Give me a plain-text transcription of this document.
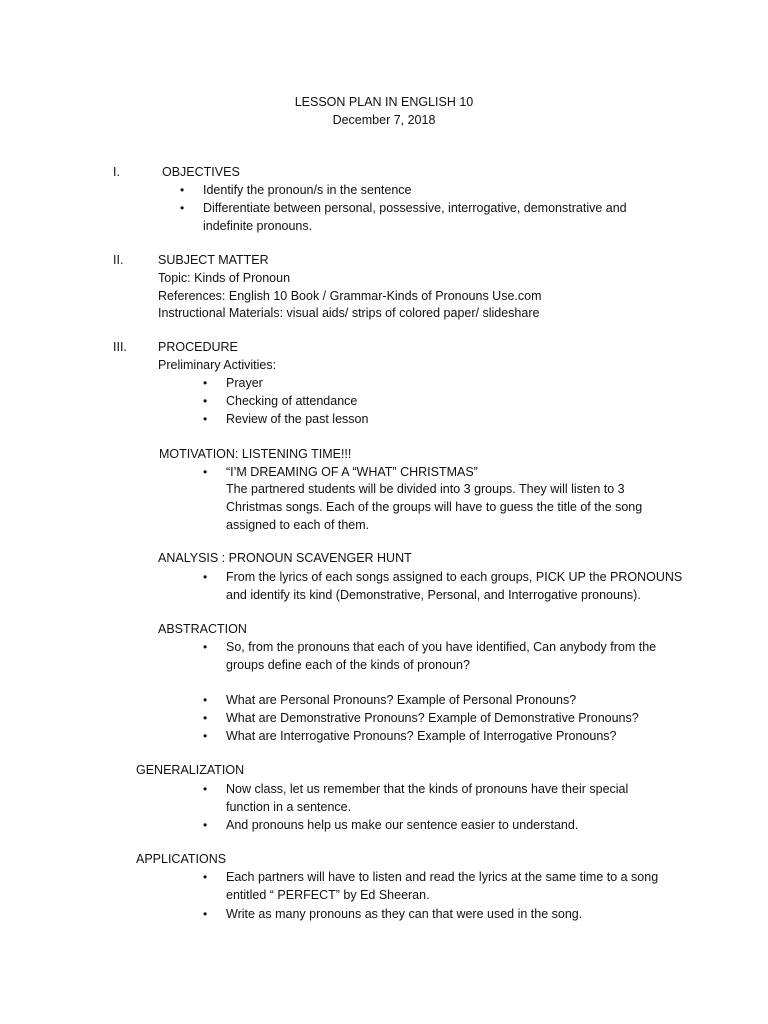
LESSON PLAN IN ENGLISH 10
December 7, 2018
I.	OBJECTIVES
• Identify the pronoun/s in the sentence
• Differentiate between personal, possessive, interrogative, demonstrative and
indefinite pronouns.
II.	SUBJECT MATTER
Topic: Kinds of Pronoun
References: English 10 Book / Grammar-Kinds of Pronouns Use.com
Instructional Materials: visual aids/ strips of colored paper/ slideshare
III. PROCEDURE
Preliminary Activities:
• Prayer
• Checking of attendance
• Review of the past lesson
MOTIVATION: LISTENING TIME!!!
• “I’M DREAMING OF A “WHAT” CHRISTMAS”
The partnered students will be divided into 3 groups. They will listen to 3
Christmas songs. Each of the groups will have to guess the title of the song
assigned to each of them.
ANALYSIS : PRONOUN SCAVENGER HUNT
• From the lyrics of each songs assigned to each groups, PICK UP the PRONOUNS
and identify its kind (Demonstrative, Personal, and Interrogative pronouns).
ABSTRACTION
• So, from the pronouns that each of you have identified, Can anybody from the
groups define each of the kinds of pronoun?
• What are Personal Pronouns? Example of Personal Pronouns?
• What are Demonstrative Pronouns? Example of Demonstrative Pronouns?
• What are Interrogative Pronouns? Example of Interrogative Pronouns?
GENERALIZATION
• Now class, let us remember that the kinds of pronouns have their special
function in a sentence.
• And pronouns help us make our sentence easier to understand.
APPLICATIONS
• Each partners will have to listen and read the lyrics at the same time to a song
entitled “ PERFECT” by Ed Sheeran.
• Write as many pronouns as they can that were used in the song.
